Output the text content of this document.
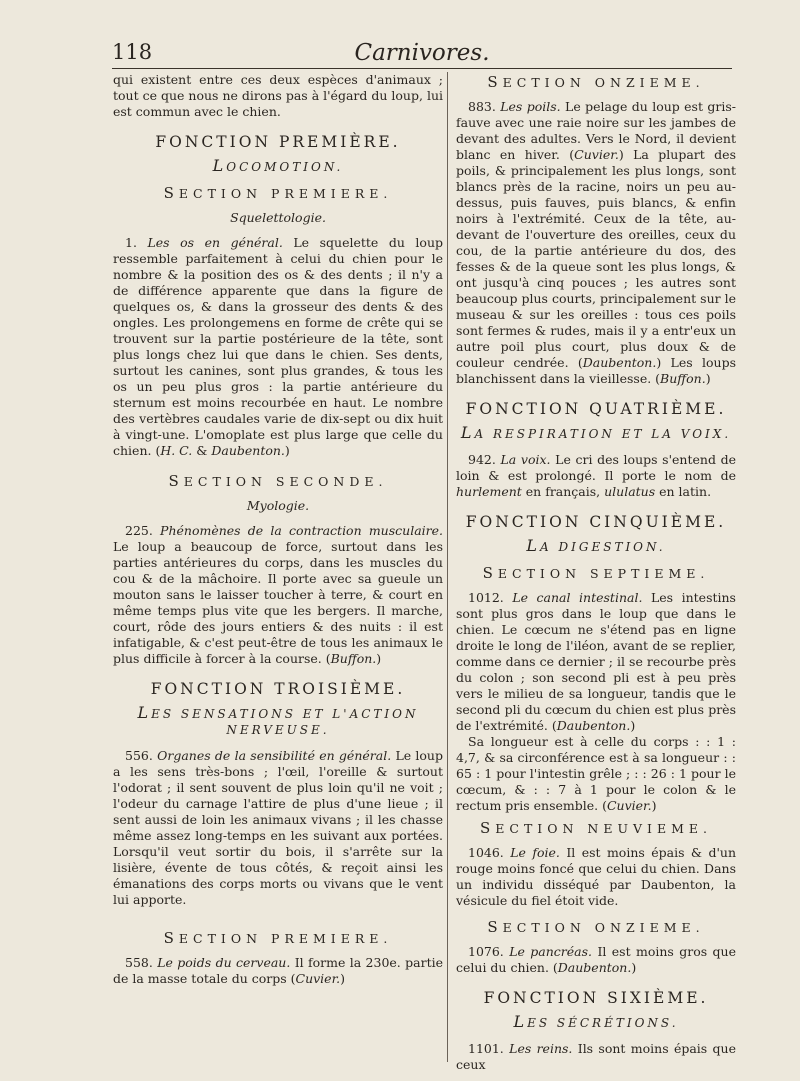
118	Carnivores.

qui existent entre ces deux espèces d'animaux ; tout ce que nous ne dirons pas à l'égard du loup, lui est commun avec le chien.

FONCTION PREMIÈRE.
LOCOMOTION.
SECTION PREMIERE.
Squelettologie.

1. Les os en général. Le squelette du loup ressemble parfaitement à celui du chien pour le nombre & la position des os & des dents ; il n'y a de différence apparente que dans la figure de quelques os, & dans la grosseur des dents & des ongles. Les prolongemens en forme de crête qui se trouvent sur la partie postérieure de la tête, sont plus longs chez lui que dans le chien. Ses dents, surtout les canines, sont plus grandes, & tous les os un peu plus gros : la partie antérieure du sternum est moins recourbée en haut. Le nombre des vertèbres caudales varie de dix-sept ou dix huit à vingt-une. L'omoplate est plus large que celle du chien. (H. C. & Daubenton.)

SECTION SECONDE.
Myologie.

225. Phénomènes de la contraction musculaire. Le loup a beaucoup de force, surtout dans les parties antérieures du corps, dans les muscles du cou & de la mâchoire. Il porte avec sa gueule un mouton sans le laisser toucher à terre, & court en même temps plus vite que les bergers. Il marche, court, rôde des jours entiers & des nuits : il est infatigable, & c'est peut-être de tous les animaux le plus difficile à forcer à la course. (Buffon.)

FONCTION TROISIÈME.
LES SENSATIONS ET L'ACTION NERVEUSE.

556. Organes de la sensibilité en général. Le loup a les sens très-bons ; l'œil, l'oreille & surtout l'odorat ; il sent souvent de plus loin qu'il ne voit ; l'odeur du carnage l'attire de plus d'une lieue ; il sent aussi de loin les animaux vivans ; il les chasse même assez long-temps en les suivant aux portées. Lorsqu'il veut sortir du bois, il s'arrête sur la lisière, évente de tous côtés, & reçoit ainsi les émanations des corps morts ou vivans que le vent lui apporte.

SECTION PREMIERE.

558. Le poids du cerveau. Il forme la 230e. partie de la masse totale du corps (Cuvier.)

SECTION ONZIEME.

883. Les poils. Le pelage du loup est gris-fauve avec une raie noire sur les jambes de devant des adultes. Vers le Nord, il devient blanc en hiver. (Cuvier.) La plupart des poils, & principalement les plus longs, sont blancs près de la racine, noirs un peu au-dessus, puis fauves, puis blancs, & enfin noirs à l'extrémité. Ceux de la tête, au-devant de l'ouverture des oreilles, ceux du cou, de la partie antérieure du dos, des fesses & de la queue sont les plus longs, & ont jusqu'à cinq pouces ; les autres sont beaucoup plus courts, principalement sur le museau & sur les oreilles : tous ces poils sont fermes & rudes, mais il y a entr'eux un autre poil plus court, plus doux & de couleur cendrée. (Daubenton.) Les loups blanchissent dans la vieillesse. (Buffon.)

FONCTION QUATRIÈME.
LA RESPIRATION ET LA VOIX.

942. La voix. Le cri des loups s'entend de loin & est prolongé. Il porte le nom de hurlement en français, ululatus en latin.

FONCTION CINQUIÈME.
LA DIGESTION.
SECTION SEPTIEME.

1012. Le canal intestinal. Les intestins sont plus gros dans le loup que dans le chien. Le cœcum ne s'étend pas en ligne droite le long de l'iléon, avant de se replier, comme dans ce dernier ; il se recourbe près du colon ; son second pli est à peu près vers le milieu de sa longueur, tandis que le second pli du cœcum du chien est plus près de l'extrémité. (Daubenton.)

Sa longueur est à celle du corps : : 1 : 4,7, & sa circonférence est à sa longueur : : 65 : 1 pour l'intestin grêle ; : : 26 : 1 pour le cœcum, & : : 7 à 1 pour le colon & le rectum pris ensemble. (Cuvier.)

SECTION NEUVIEME.

1046. Le foie. Il est moins épais & d'un rouge moins foncé que celui du chien. Dans un individu disséqué par Daubenton, la vésicule du fiel étoit vide.

SECTION ONZIEME.

1076. Le pancréas. Il est moins gros que celui du chien. (Daubenton.)

FONCTION SIXIÈME.
LES SÉCRÉTIONS.

1101. Les reins. Ils sont moins épais que ceux
